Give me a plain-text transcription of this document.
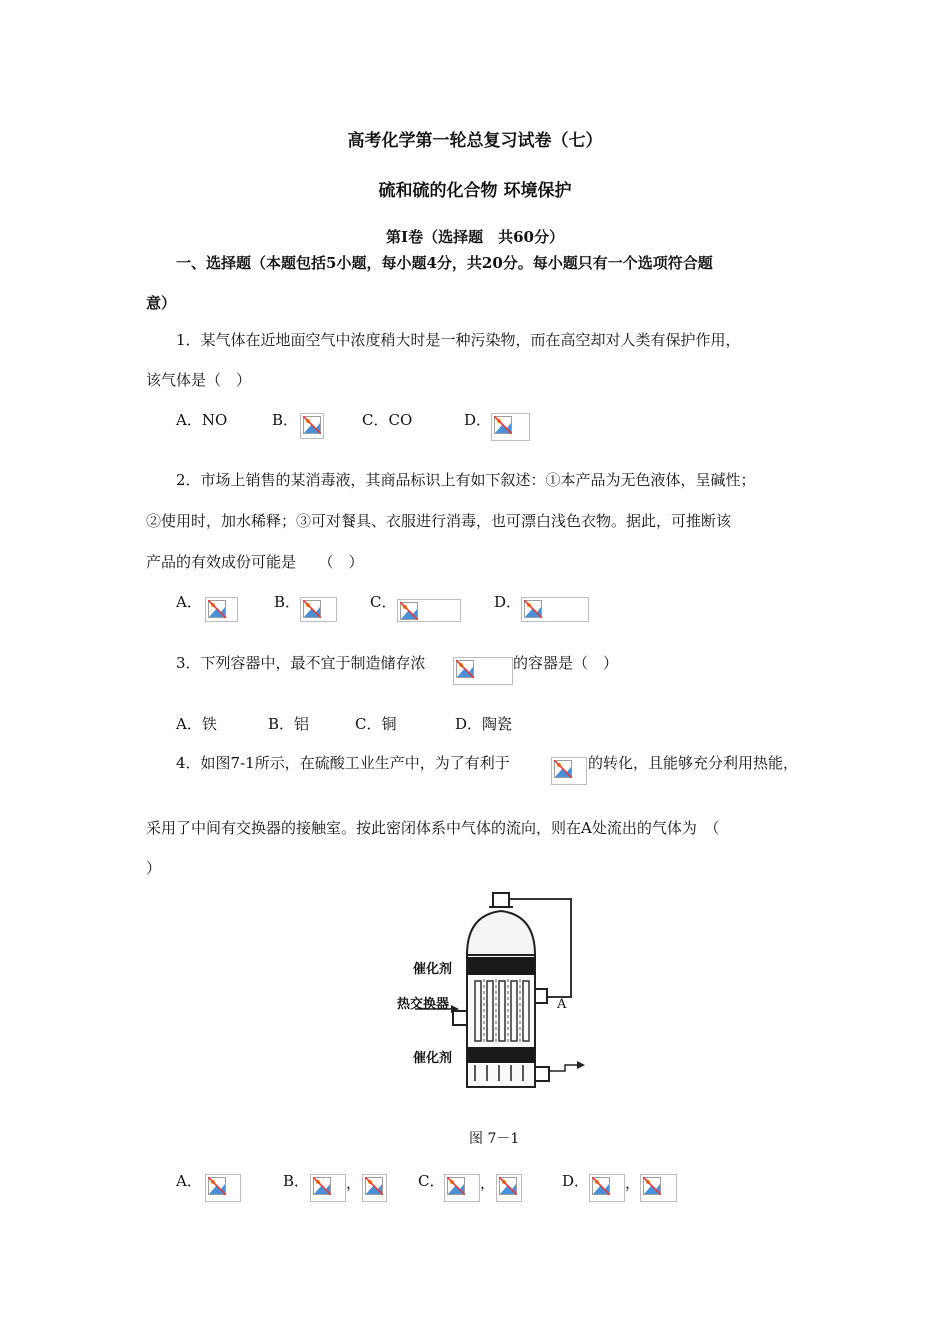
高考化学第一轮总复习试卷（七）
硫和硫的化合物 环境保护
第Ⅰ卷（选择题　共60分）
一、选择题（本题包括5小题，每小题4分，共20分。每小题只有一个选项符合题
意）
1．某气体在近地面空气中浓度稍大时是一种污染物，而在高空却对人类有保护作用，
该气体是（　）
A．NO	B．	C．CO	D．
2．市场上销售的某消毒液，其商品标识上有如下叙述：①本产品为无色液体，呈碱性；
②使用时，加水稀释；③可对餐具、衣服进行消毒，也可漂白浅色衣物。据此，可推断该
产品的有效成份可能是　　（　）
A．	B．	C．	D．
3．下列容器中，最不宜于制造储存浓	的容器是（　）
A．铁	B．铝	C．铜	D．陶瓷
4．如图7-1所示，在硫酸工业生产中，为了有利于	的转化，且能够充分利用热能，
采用了中间有交换器的接触室。按此密闭体系中气体的流向，则在A处流出的气体为　（
）
催化剂
热交换器
催化剂
A
图 7－1
A．	B． ，	C． ，	D． ，
